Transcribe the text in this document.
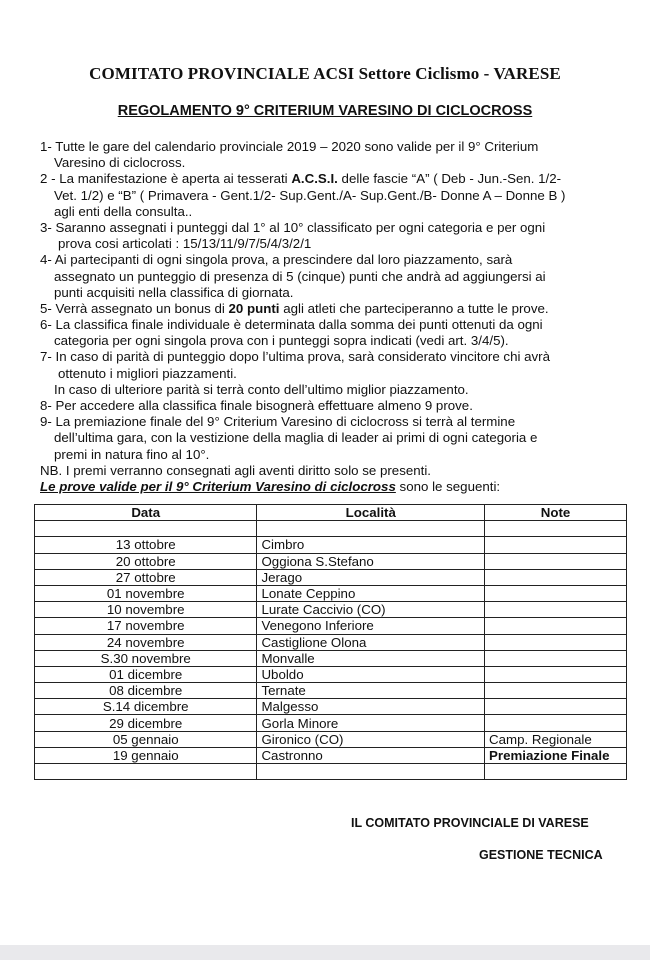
COMITATO PROVINCIALE ACSI Settore Ciclismo - VARESE
REGOLAMENTO 9° CRITERIUM VARESINO DI CICLOCROSS
1- Tutte le gare del calendario provinciale 2019 – 2020 sono valide per il 9° Criterium
Varesino di ciclocross.
2 - La manifestazione è aperta ai tesserati A.C.S.I. delle fascie “A” ( Deb - Jun.-Sen. 1/2-
Vet. 1/2) e “B” ( Primavera - Gent.1/2- Sup.Gent./A- Sup.Gent./B- Donne A – Donne B )
agli enti della consulta..
3- Saranno assegnati i punteggi dal 1° al 10° classificato per ogni categoria e per ogni
prova cosi articolati : 15/13/11/9/7/5/4/3/2/1
4- Ai partecipanti di ogni singola prova, a prescindere dal loro piazzamento, sarà
assegnato un punteggio di presenza di 5 (cinque) punti che andrà ad aggiungersi ai
punti acquisiti nella classifica di giornata.
5- Verrà assegnato un bonus di 20 punti agli atleti che parteciperanno a tutte le prove.
6- La classifica finale individuale è determinata dalla somma dei punti ottenuti da ogni
categoria per ogni singola prova con i punteggi sopra indicati (vedi art. 3/4/5).
7- In caso di parità di punteggio dopo l’ultima prova, sarà considerato vincitore chi avrà
ottenuto i migliori piazzamenti.
In caso di ulteriore parità si terrà conto dell’ultimo miglior piazzamento.
8- Per accedere alla classifica finale bisognerà effettuare almeno 9 prove.
9- La premiazione finale del 9° Criterium Varesino di ciclocross si terrà al termine
dell’ultima gara, con la vestizione della maglia di leader ai primi di ogni categoria e
premi in natura fino al 10°.
NB. I premi verranno consegnati agli aventi diritto solo se presenti.
Le prove valide per il 9° Criterium Varesino di ciclocross sono le seguenti:
Data	Località	Note

13 ottobre	Cimbro	
20 ottobre	Oggiona S.Stefano	
27 ottobre	Jerago	
01 novembre	Lonate Ceppino	
10 novembre	Lurate Caccivio (CO)	
17 novembre	Venegono Inferiore	
24 novembre	Castiglione Olona	
S.30 novembre	Monvalle	
01 dicembre	Uboldo	
08 dicembre	Ternate	
S.14 dicembre	Malgesso	
29 dicembre	Gorla Minore	
05 gennaio	Gironico (CO)	Camp. Regionale
19 gennaio	Castronno	Premiazione Finale

IL COMITATO PROVINCIALE DI VARESE
GESTIONE TECNICA
